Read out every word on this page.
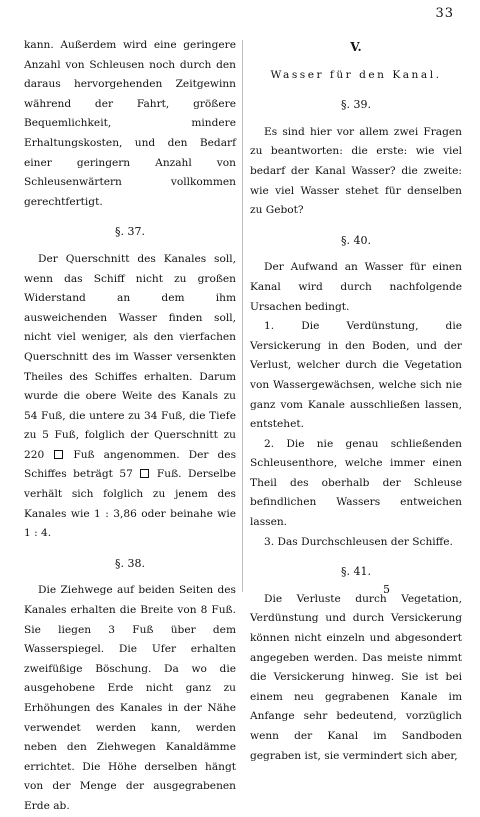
33

kann. Außerdem wird eine geringere Anzahl von Schleusen noch durch den daraus hervorgehenden Zeitgewinn während der Fahrt, größere Bequemlichkeit, mindere Erhaltungskosten, und den Bedarf einer geringern Anzahl von Schleusenwärtern vollkommen gerechtfertigt.

§. 37.

Der Querschnitt des Kanales soll, wenn das Schiff nicht zu großen Widerstand an dem ihm ausweichenden Wasser finden soll, nicht viel weniger, als den vierfachen Querschnitt des im Wasser versenkten Theiles des Schiffes erhalten. Darum wurde die obere Weite des Kanals zu 54 Fuß, die untere zu 34 Fuß, die Tiefe zu 5 Fuß, folglich der Querschnitt zu 220	Fuß angenommen. Der des Schiffes beträgt 57 Fuß. Derselbe verhält sich folglich zu jenem des Kanales wie 1 : 3,86 oder beinahe wie 1 : 4.

§. 38.

Die Ziehwege auf beiden Seiten des Kanales erhalten die Breite von 8 Fuß. Sie liegen 3 Fuß über dem Wasserspiegel. Die Ufer erhalten zweifüßige Böschung. Da wo die ausgehobene Erde nicht ganz zu Erhöhungen des Kanales in der Nähe verwendet werden kann, werden neben den Ziehwegen Kanaldämme errichtet. Die Höhe derselben hängt von der Menge der ausgegrabenen Erde ab.

V.
Wasser für den Kanal.
§. 39.

Es sind hier vor allem zwei Fragen zu beantworten: die erste: wie viel bedarf der Kanal Wasser? die zweite: wie viel Wasser stehet für denselben zu Gebot?

§. 40.

Der Aufwand an Wasser für einen Kanal wird durch nachfolgende Ursachen bedingt.

1. Die Verdünstung, die Versickerung in den Boden, und der Verlust, welcher durch die Vegetation von Wassergewächsen, welche sich nie ganz vom Kanale ausschließen lassen, entstehet.

2. Die nie genau schließenden Schleusenthore, welche immer einen Theil des oberhalb der Schleuse befindlichen Wassers entweichen lassen.

3. Das Durchschleusen der Schiffe.

§. 41.

Die Verluste durch Vegetation, Verdünstung und durch Versickerung können nicht einzeln und abgesondert angegeben werden. Das meiste nimmt die Versickerung hinweg. Sie ist bei einem neu gegrabenen Kanale im Anfange sehr bedeutend, vorzüglich wenn der Kanal im Sandboden gegraben ist, sie vermindert sich aber,

5
